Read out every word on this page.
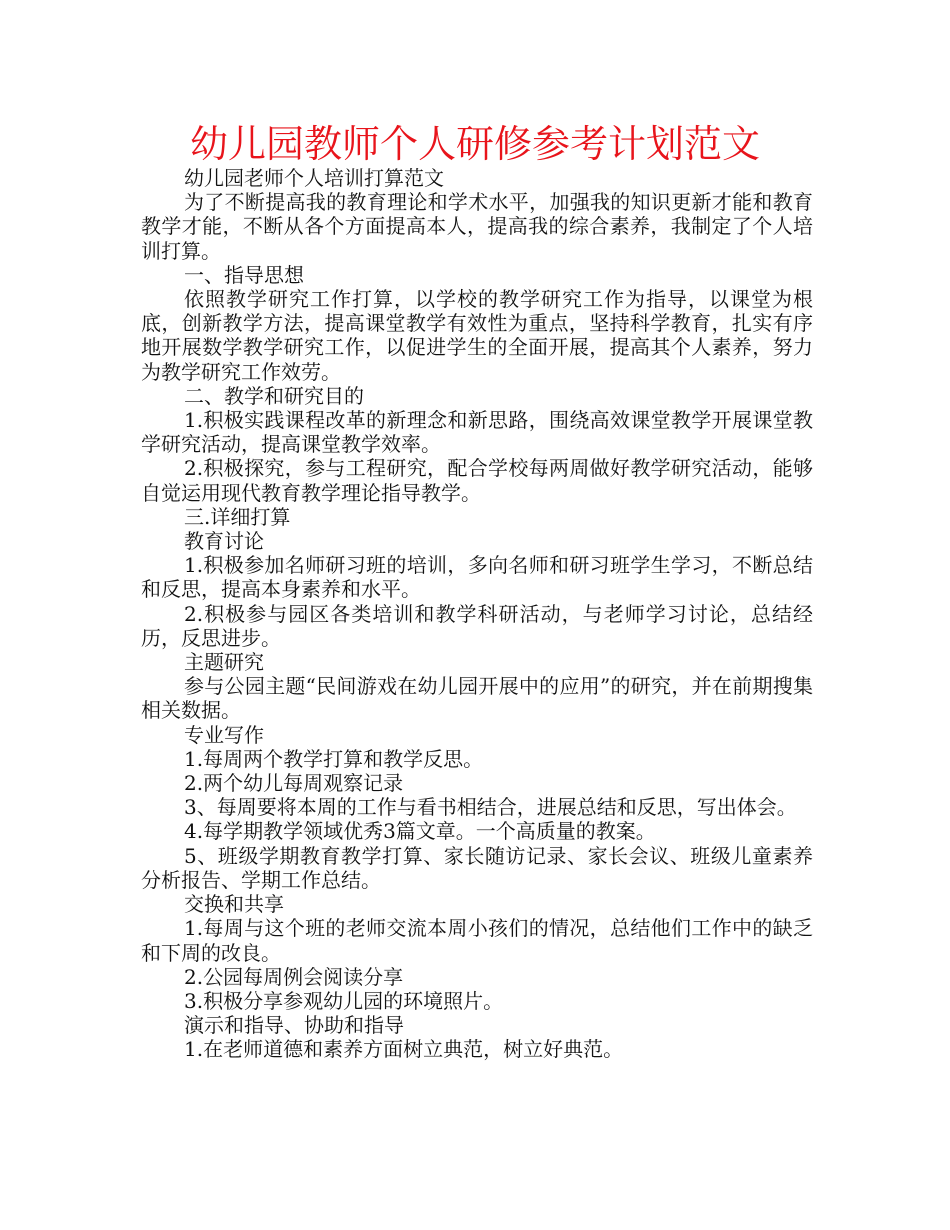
幼儿园教师个人研修参考计划范文

幼儿园老师个人培训打算范文

为了不断提高我的教育理论和学术水平，加强我的知识更新才能和教育教学才能，不断从各个方面提高本人，提高我的综合素养，我制定了个人培训打算。

一、指导思想

依照教学研究工作打算，以学校的教学研究工作为指导，以课堂为根底，创新教学方法，提高课堂教学有效性为重点，坚持科学教育，扎实有序地开展数学教学研究工作，以促进学生的全面开展，提高其个人素养，努力为教学研究工作效劳。

二、教学和研究目的

1.积极实践课程改革的新理念和新思路，围绕高效课堂教学开展课堂教学研究活动，提高课堂教学效率。

2.积极探究，参与工程研究，配合学校每两周做好教学研究活动，能够自觉运用现代教育教学理论指导教学。

三.详细打算

教育讨论

1.积极参加名师研习班的培训，多向名师和研习班学生学习，不断总结和反思，提高本身素养和水平。

2.积极参与园区各类培训和教学科研活动，与老师学习讨论，总结经历，反思进步。

主题研究

参与公园主题“民间游戏在幼儿园开展中的应用”的研究，并在前期搜集相关数据。

专业写作

1.每周两个教学打算和教学反思。

2.两个幼儿每周观察记录

3、每周要将本周的工作与看书相结合，进展总结和反思，写出体会。

4.每学期教学领域优秀3篇文章。一个高质量的教案。

5、班级学期教育教学打算、家长随访记录、家长会议、班级儿童素养分析报告、学期工作总结。

交换和共享

1.每周与这个班的老师交流本周小孩们的情况，总结他们工作中的缺乏和下周的改良。

2.公园每周例会阅读分享

3.积极分享参观幼儿园的环境照片。

演示和指导、协助和指导

1.在老师道德和素养方面树立典范，树立好典范。
